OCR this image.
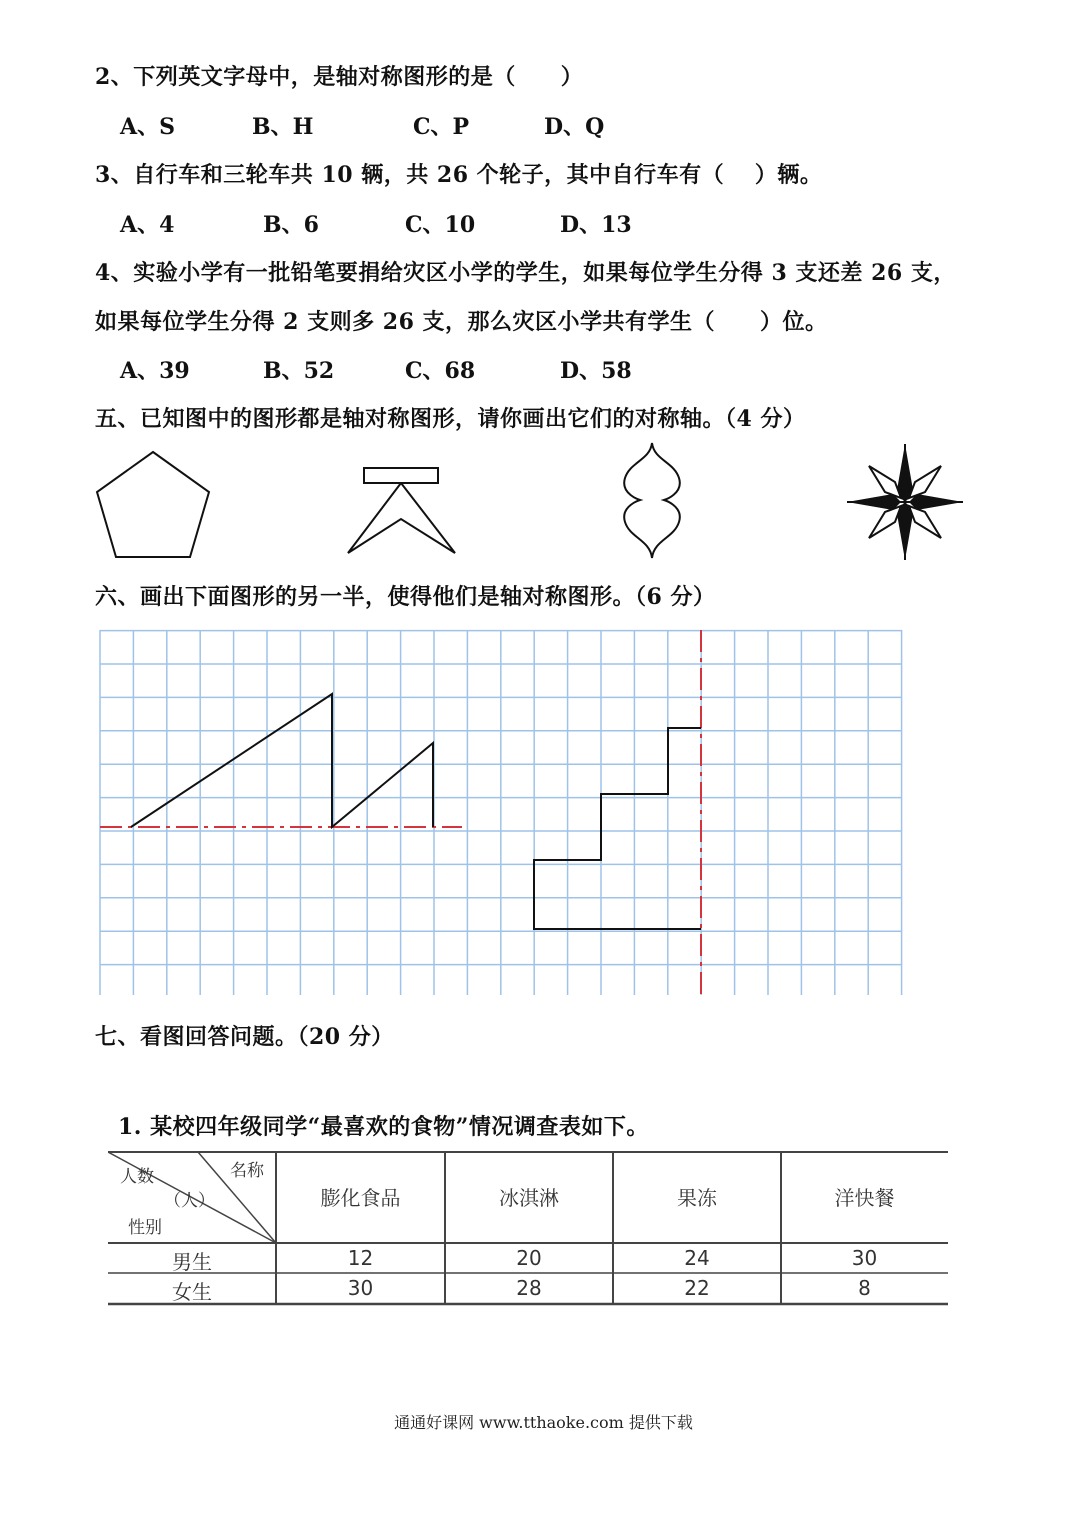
2、下列英文字母中，是轴对称图形的是（　　）
A、S	B、H	C、P	D、Q
3、自行车和三轮车共 10 辆，共 26 个轮子，其中自行车有（　 ）辆。
A、4	B、6	C、10	D、13
4、实验小学有一批铅笔要捐给灾区小学的学生，如果每位学生分得 3 支还差 26 支，
如果每位学生分得 2 支则多 26 支，那么灾区小学共有学生（　　）位。
A、39	B、52	C、68	D、58
五、已知图中的图形都是轴对称图形，请你画出它们的对称轴。（4 分）
六、画出下面图形的另一半，使得他们是轴对称图形。（6 分）
七、看图回答问题。（20 分）
1. 某校四年级同学“最喜欢的食物”情况调查表如下。
名称
人数
（人）
性别
膨化食品	冰淇淋	果冻	洋快餐
男生	12	20	24	30
女生	30	28	22	8
通通好课网 www.tthaoke.com 提供下载
